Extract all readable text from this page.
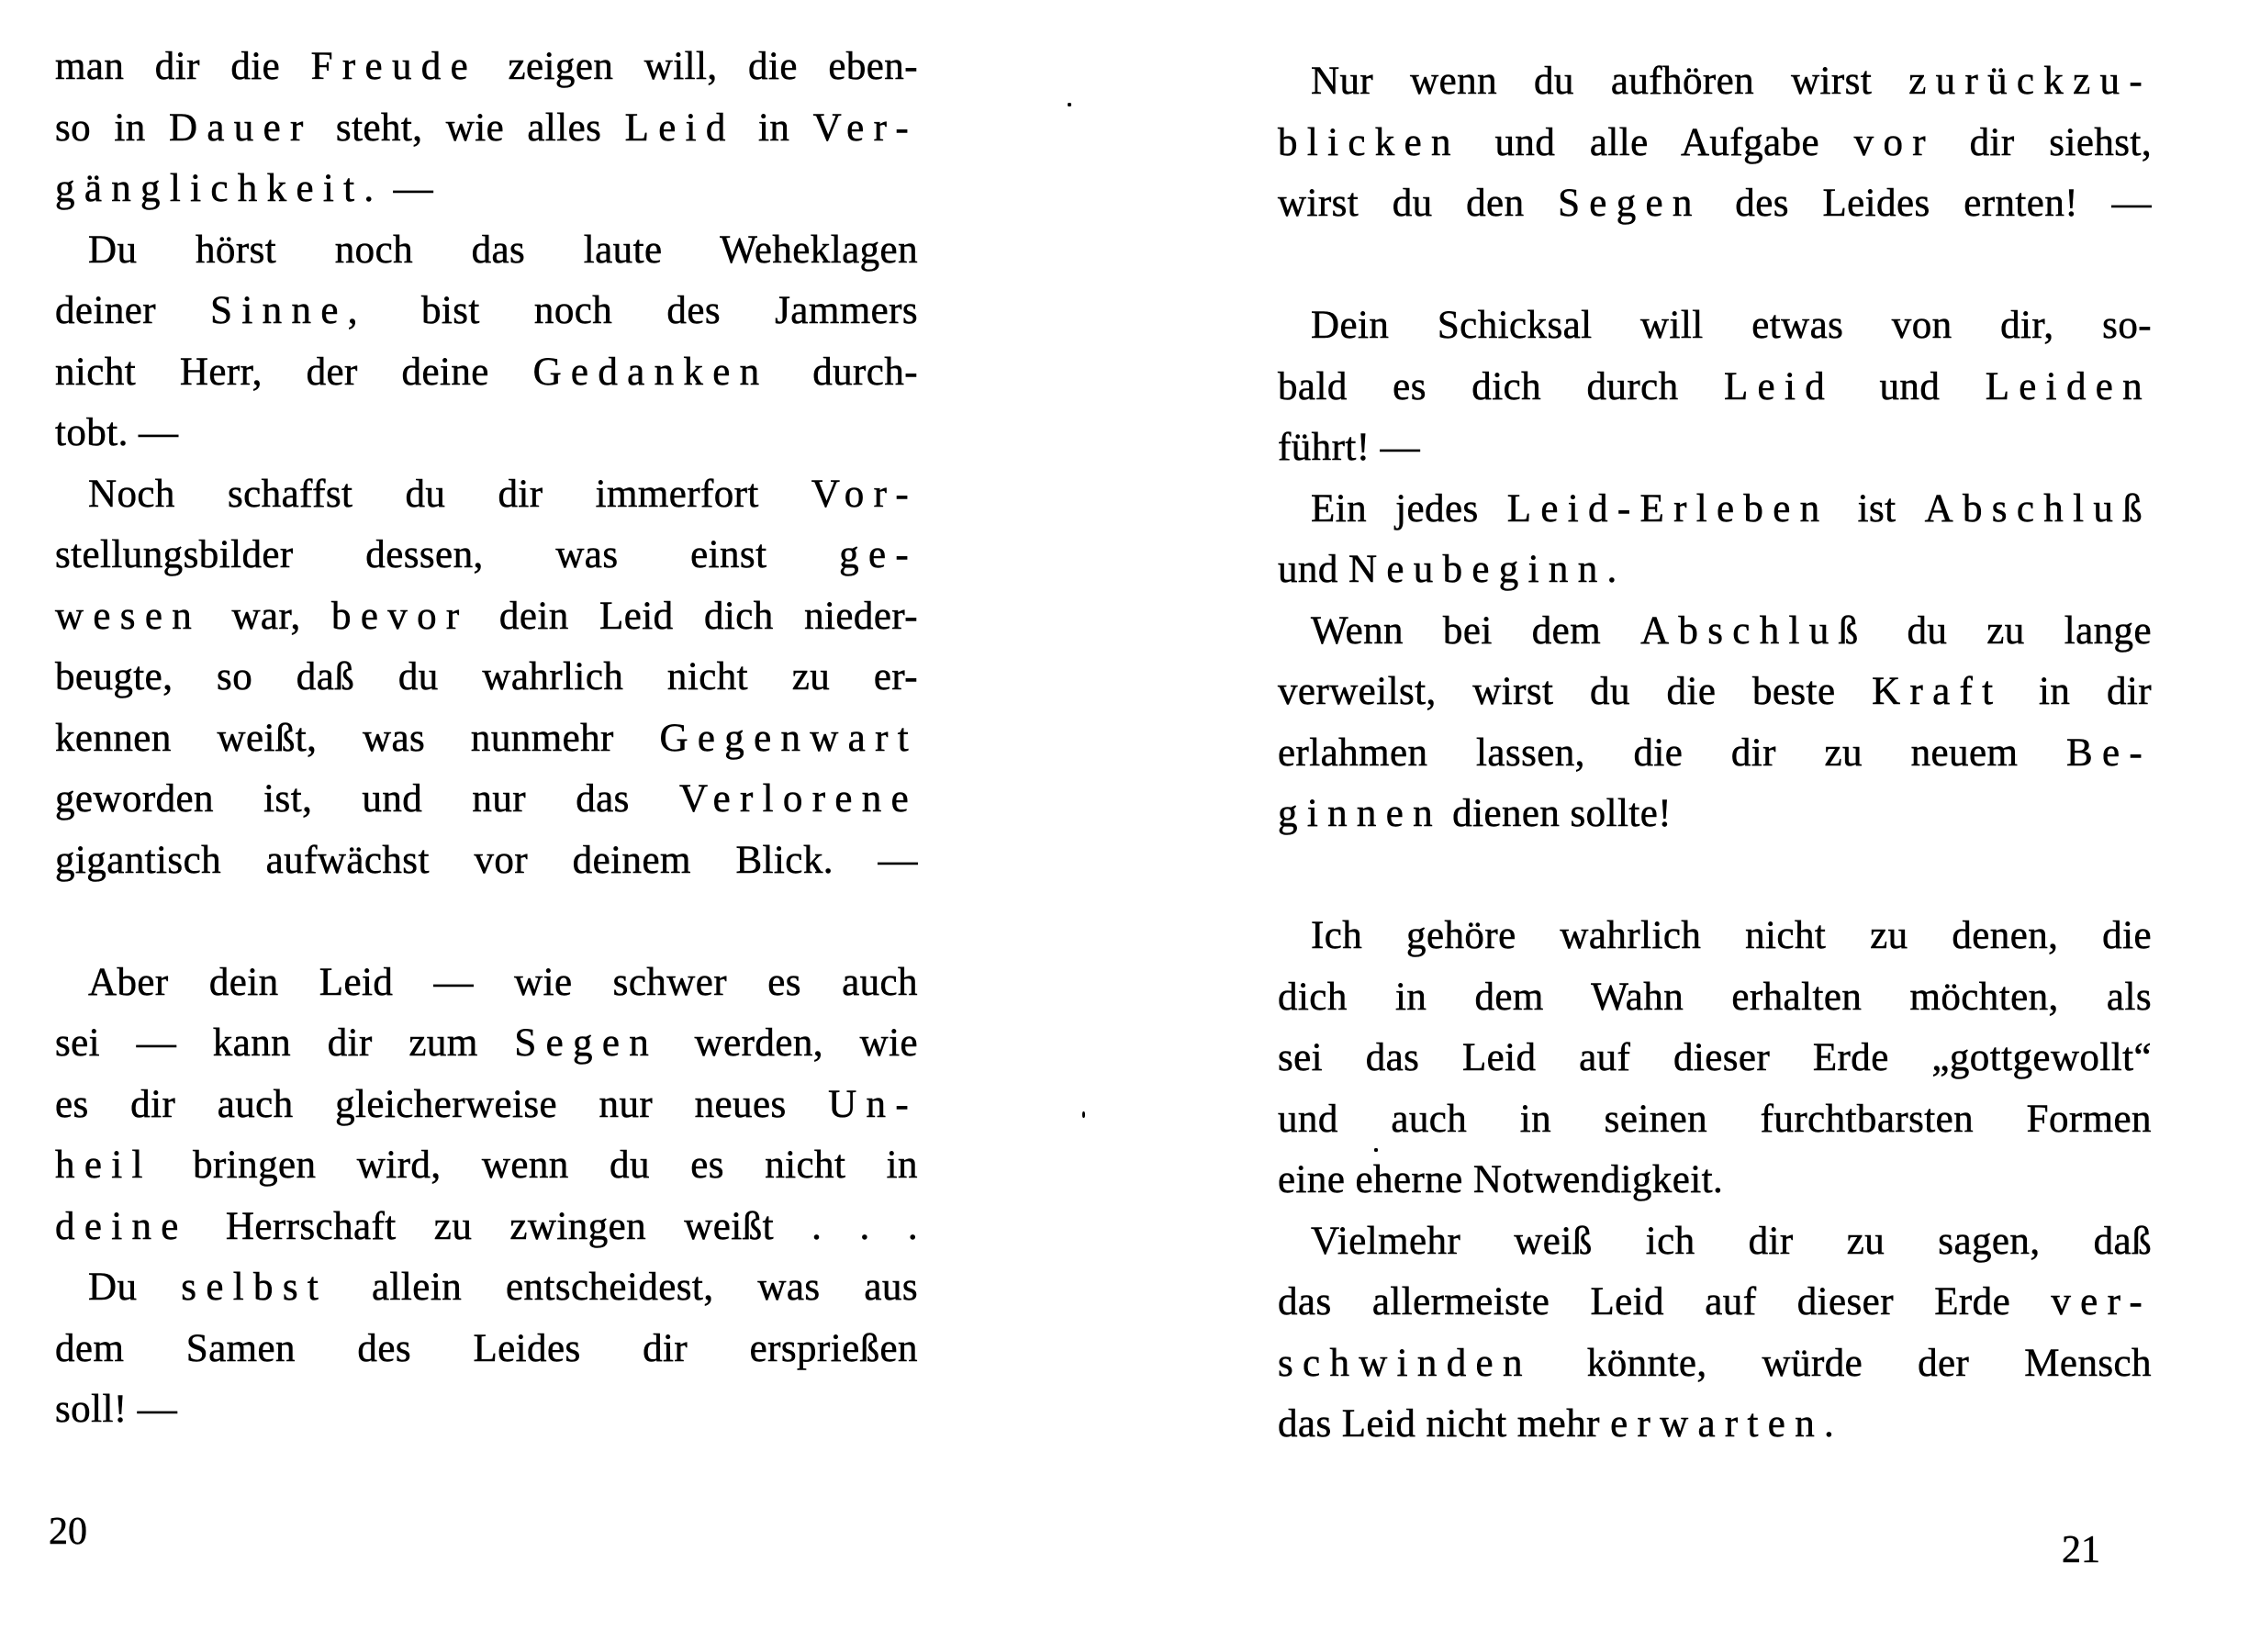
man dir die Freude zeigen will, die eben-
so in Dauer steht, wie alles Leid in Ver-
gänglichkeit. —
Du hörst noch das laute Weheklagen
deiner Sinne, bist noch des Jammers
nicht Herr, der deine Gedanken durch-
tobt. —
Noch schaffst du dir immerfort Vor-
stellungsbilder dessen, was einst ge-
wesen war, bevor dein Leid dich nieder-
beugte, so daß du wahrlich nicht zu er-
kennen weißt, was nunmehr Gegenwart
geworden ist, und nur das Verlorene
gigantisch aufwächst vor deinem Blick. —
Aber dein Leid — wie schwer es auch
sei — kann dir zum Segen werden, wie
es dir auch gleicherweise nur neues Un-
heil bringen wird, wenn du es nicht in
deine Herrschaft zu zwingen weißt . . .
Du selbst allein entscheidest, was aus
dem Samen des Leides dir ersprießen
soll! —
Nur wenn du aufhören wirst zurückzu-
blicken und alle Aufgabe vor dir siehst,
wirst du den Segen des Leides ernten! —
Dein Schicksal will etwas von dir, so-
bald es dich durch Leid und Leiden
führt! —
Ein jedes Leid-Erleben ist Abschluß
und Neubeginn.
Wenn bei dem Abschluß du zu lange
verweilst, wirst du die beste Kraft in dir
erlahmen lassen, die dir zu neuem Be-
ginnen dienen sollte!
Ich gehöre wahrlich nicht zu denen, die
dich in dem Wahn erhalten möchten, als
sei das Leid auf dieser Erde „gottgewollt“
und auch in seinen furchtbarsten Formen
eine eherne Notwendigkeit.
Vielmehr weiß ich dir zu sagen, daß
das allermeiste Leid auf dieser Erde ver-
schwinden könnte, würde der Mensch
das Leid nicht mehr erwarten.
20	21
